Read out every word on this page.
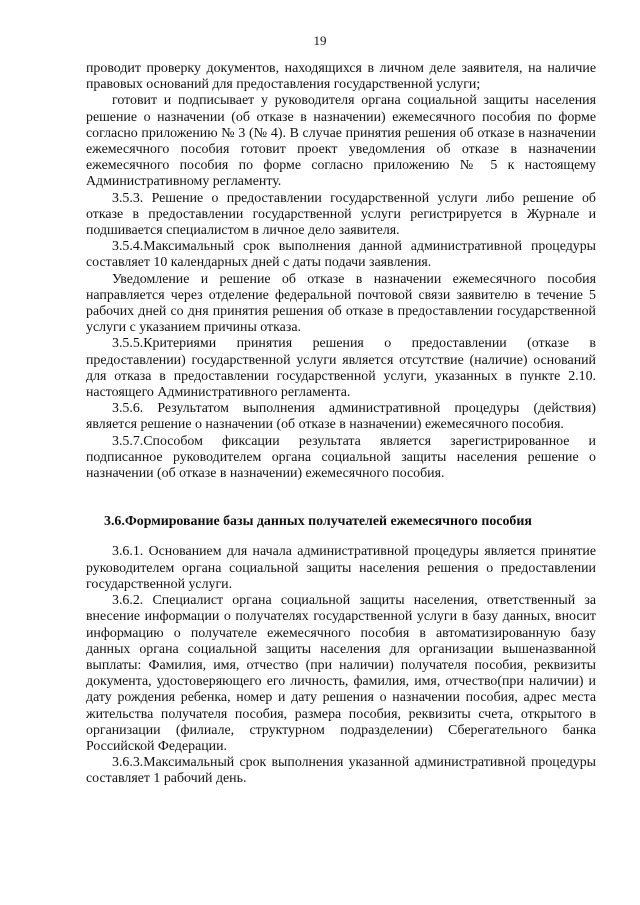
19

проводит проверку документов, находящихся в личном деле заявителя, на наличие правовых оснований для предоставления государственной услуги;

готовит и подписывает у руководителя органа социальной защиты населения решение о назначении (об отказе в назначении) ежемесячного пособия по форме согласно приложению № 3 (№ 4). В случае принятия решения об отказе в назначении ежемесячного пособия готовит проект уведомления об отказе в назначении ежемесячного пособия по форме согласно приложению № 5 к настоящему Административному регламенту.

3.5.3. Решение о предоставлении государственной услуги либо решение об отказе в предоставлении государственной услуги регистрируется в Журнале и подшивается специалистом в личное дело заявителя.

3.5.4.Максимальный срок выполнения данной административной процедуры составляет 10 календарных дней с даты подачи заявления.

Уведомление и решение об отказе в назначении ежемесячного пособия направляется через отделение федеральной почтовой связи заявителю в течение 5 рабочих дней со дня принятия решения об отказе в предоставлении государственной услуги с указанием причины отказа.

3.5.5.Критериями принятия решения о предоставлении (отказе в предоставлении) государственной услуги является отсутствие (наличие) оснований для отказа в предоставлении государственной услуги, указанных в пункте 2.10. настоящего Административного регламента.

3.5.6. Результатом выполнения административной процедуры (действия) является решение о назначении (об отказе в назначении) ежемесячного пособия.

3.5.7.Способом фиксации результата является зарегистрированное и подписанное руководителем органа социальной защиты населения решение о назначении (об отказе в назначении) ежемесячного пособия.

3.6.Формирование базы данных получателей ежемесячного пособия

3.6.1. Основанием для начала административной процедуры является принятие руководителем органа социальной защиты населения решения о предоставлении государственной услуги.

3.6.2. Специалист органа социальной защиты населения, ответственный за внесение информации о получателях государственной услуги в базу данных, вносит информацию о получателе ежемесячного пособия в автоматизированную базу данных органа социальной защиты населения для организации вышеназванной выплаты: Фамилия, имя, отчество (при наличии) получателя пособия, реквизиты документа, удостоверяющего его личность, фамилия, имя, отчество(при наличии) и дату рождения ребенка, номер и дату решения о назначении пособия, адрес места жительства получателя пособия, размера пособия, реквизиты счета, открытого в организации (филиале, структурном подразделении) Сберегательного банка Российской Федерации.

3.6.3.Максимальный срок выполнения указанной административной процедуры составляет 1 рабочий день.
